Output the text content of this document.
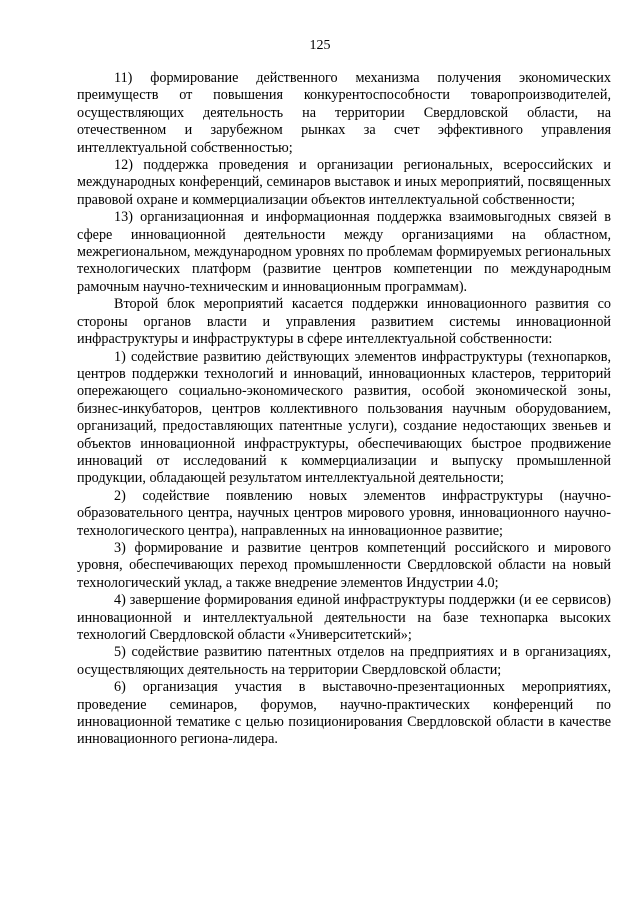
125

11) формирование действенного механизма получения экономических преимуществ от повышения конкурентоспособности товаропроизводителей, осуществляющих деятельность на территории Свердловской области, на отечественном и зарубежном рынках за счет эффективного управления интеллектуальной собственностью;

12) поддержка проведения и организации региональных, всероссийских и международных конференций, семинаров выставок и иных мероприятий, посвященных правовой охране и коммерциализации объектов интеллектуальной собственности;

13) организационная и информационная поддержка взаимовыгодных связей в сфере инновационной деятельности между организациями на областном, межрегиональном, международном уровнях по проблемам формируемых региональных технологических платформ (развитие центров компетенции по международным рамочным научно-техническим и инновационным программам).

Второй блок мероприятий касается поддержки инновационного развития со стороны органов власти и управления развитием системы инновационной инфраструктуры и инфраструктуры в сфере интеллектуальной собственности:

1) содействие развитию действующих элементов инфраструктуры (технопарков, центров поддержки технологий и инноваций, инновационных кластеров, территорий опережающего социально-экономического развития, особой экономической зоны, бизнес-инкубаторов, центров коллективного пользования научным оборудованием, организаций, предоставляющих патентные услуги), создание недостающих звеньев и объектов инновационной инфраструктуры, обеспечивающих быстрое продвижение инноваций от исследований к коммерциализации и выпуску промышленной продукции, обладающей результатом интеллектуальной деятельности;

2) содействие появлению новых элементов инфраструктуры (научно-образовательного центра, научных центров мирового уровня, инновационного научно-технологического центра), направленных на инновационное развитие;

3) формирование и развитие центров компетенций российского и мирового уровня, обеспечивающих переход промышленности Свердловской области на новый технологический уклад, а также внедрение элементов Индустрии 4.0;

4) завершение формирования единой инфраструктуры поддержки (и ее сервисов) инновационной и интеллектуальной деятельности на базе технопарка высоких технологий Свердловской области «Университетский»;

5) содействие развитию патентных отделов на предприятиях и в организациях, осуществляющих деятельность на территории Свердловской области;

6) организация участия в выставочно-презентационных мероприятиях, проведение семинаров, форумов, научно-практических конференций по инновационной тематике с целью позиционирования Свердловской области в качестве инновационного региона-лидера.
